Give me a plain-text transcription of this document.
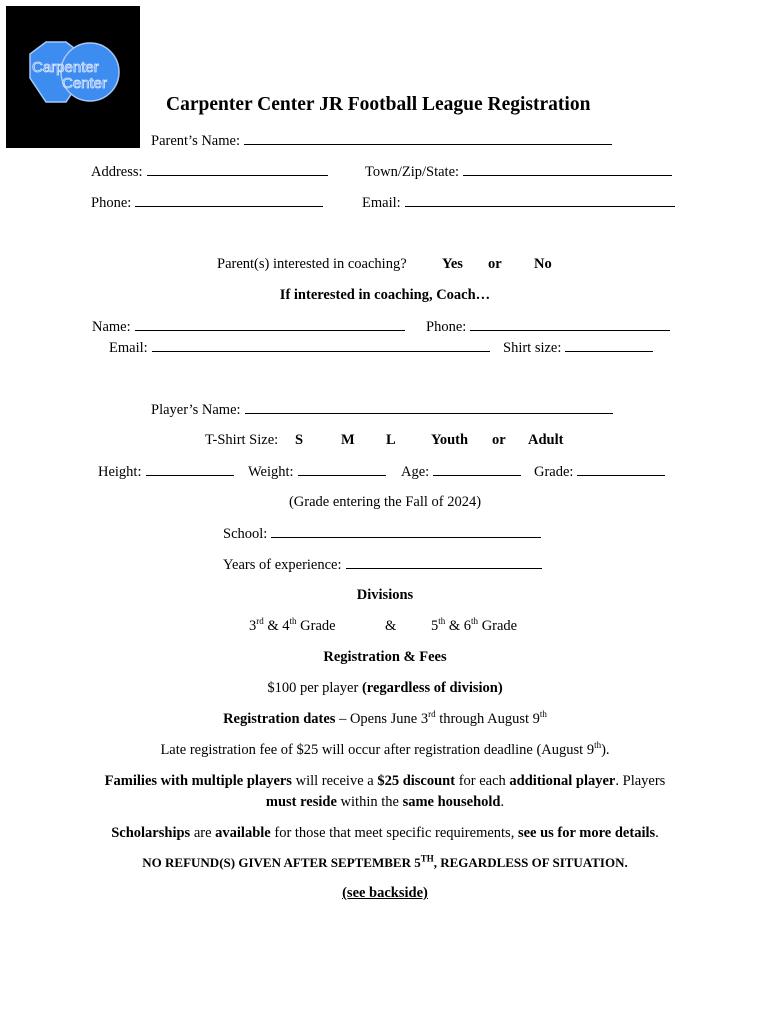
Carpenter
Center
Carpenter Center JR Football League Registration
Parent’s Name:
Address:	Town/Zip/State:
Phone:	Email:
Parent(s) interested in coaching? Yes or No
If interested in coaching, Coach…
Name:	Phone:
Email:	Shirt size:
Player’s Name:
T-Shirt Size: S	M L Youth or Adult
Height:	Weight:	Age:	Grade:
(Grade entering the Fall of 2024)
School:
Years of experience:
Divisions
3rd & 4th Grade	& 5th & 6th Grade
Registration & Fees
$100 per player (regardless of division)
Registration dates – Opens June 3rd through August 9th
Late registration fee of $25 will occur after registration deadline (August 9th).
Families with multiple players will receive a $25 discount for each additional player. Players
must reside within the same household.
Scholarships are available for those that meet specific requirements, see us for more details.
NO REFUND(S) GIVEN AFTER SEPTEMBER 5TH, REGARDLESS OF SITUATION.
(see backside)
